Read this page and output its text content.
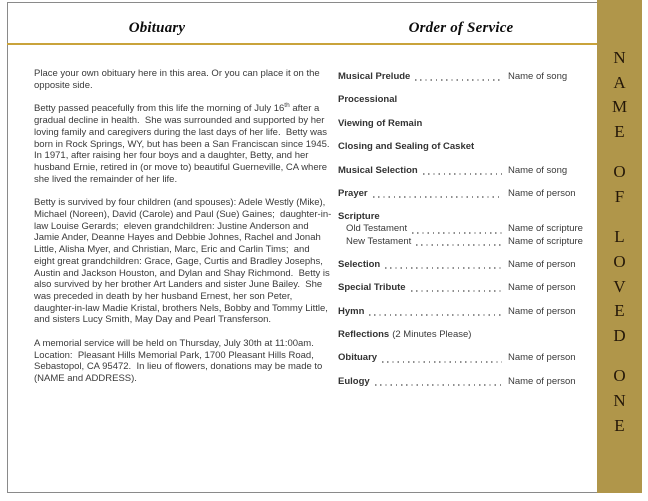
Obituary	Order of Service

Place your own obituary here in this area. Or you can place it on the opposite side.

Betty passed peacefully from this life the morning of July 16th after a gradual decline in health.  She was surrounded and supported by her loving family and caregivers during the last days of her life.  Betty was born in Rock Springs, WY, but has been a San Franciscan since 1945.  In 1971, after raising her four boys and a daughter, Betty, and her husband Ernie, retired in (or move to) beautiful Guerneville, CA where she lived the remainder of her life.

Betty is survived by four children (and spouses): Adele Westly (Mike), Michael (Noreen), David (Carole) and Paul (Sue) Gaines;  daughter-in-law Louise Gerards;  eleven grandchildren: Justine Anderson and Jamie Ander, Deanne Hayes and Debbie Johnes, Rachel and Jonah Little, Alisha Myer, and Christian, Marc, Eric and Carlin Tims;  and eight great grandchildren: Grace, Gage, Curtis and Bradley Josephs, Austin and Jackson Houston, and Dylan and Shay Richmond.  Betty is also survived by her brother Art Landers and sister June Bailey.  She was preceded in death by her husband Ernest, her son Peter, daughter-in-law Madie Kristal, brothers Nels, Bobby and Tommy Little, and sisters Lucy Smith, May Day and Pearl Transferson.

A memorial service will be held on Thursday, July 30th at 11:00am.  Location:  Pleasant Hills Memorial Park, 1700 Pleasant Hills Road, Sebastopol, CA 95472.  In lieu of flowers, donations may be made to (NAME and ADDRESS).

Musical Prelude	Name of song
Processional
Viewing of Remain
Closing and Sealing of Casket
Musical Selection	Name of song
Prayer	Name of person
Scripture
Old Testament	Name of scripture
New Testament	Name of scripture
Selection	Name of person
Special Tribute	Name of person
Hymn	Name of person
Reflections (2 Minutes Please)
Obituary	Name of person
Eulogy	Name of person
NAME
OF
LOVED
ONE
